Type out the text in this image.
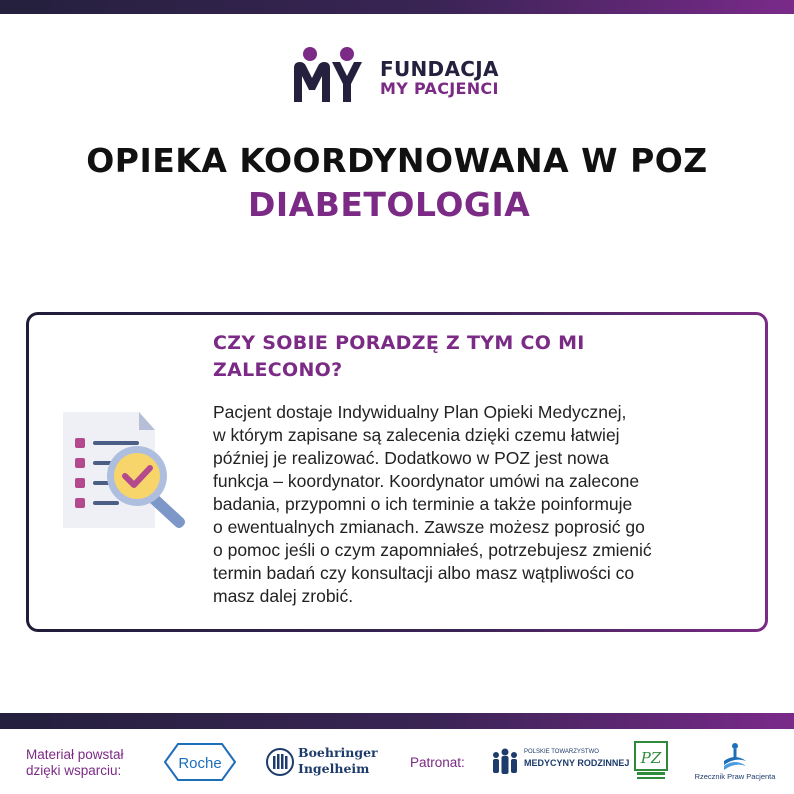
FUNDACJA
MY PACJENCI
OPIEKA KOORDYNOWANA W POZ
DIABETOLOGIA
CZY SOBIE PORADZĘ Z TYM CO MI
ZALECONO?
Pacjent dostaje Indywidualny Plan Opieki Medycznej,
w którym zapisane są zalecenia dzięki czemu łatwiej
później je realizować. Dodatkowo w POZ jest nowa
funkcja – koordynator. Koordynator umówi na zalecone
badania, przypomni o ich terminie a także poinformuje
o ewentualnych zmianach. Zawsze możesz poprosić go
o pomoc jeśli o czym zapomniałeś, potrzebujesz zmienić
termin badań czy konsultacji albo masz wątpliwości co
masz dalej zrobić.
Materiał powstał
dzięki wsparciu:	Roche
Boehringer
Ingelheim	Patronat:
POLSKIE TOWARZYSTWO
MEDYCYNY RODZINNEJ PZ
Rzecznik Praw Pacjenta
